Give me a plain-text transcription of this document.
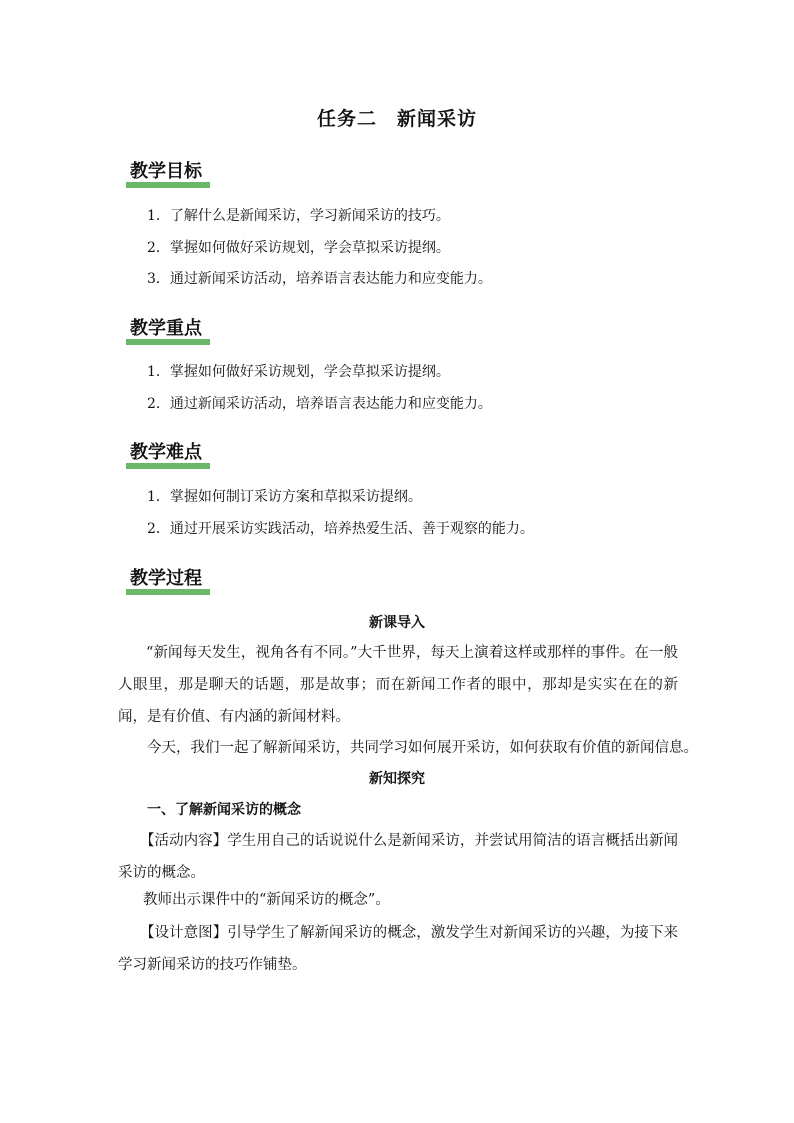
任务二　新闻采访
教学目标
1．了解什么是新闻采访，学习新闻采访的技巧。
2．掌握如何做好采访规划，学会草拟采访提纲。
3．通过新闻采访活动，培养语言表达能力和应变能力。
教学重点
1．掌握如何做好采访规划，学会草拟采访提纲。
2．通过新闻采访活动，培养语言表达能力和应变能力。
教学难点
1．掌握如何制订采访方案和草拟采访提纲。
2．通过开展采访实践活动，培养热爱生活、善于观察的能力。
教学过程
新课导入
“新闻每天发生，视角各有不同。”大千世界，每天上演着这样或那样的事件。在一般人眼里，那是聊天的话题，那是故事；而在新闻工作者的眼中，那却是实实在在的新闻，是有价值、有内涵的新闻材料。
今天，我们一起了解新闻采访，共同学习如何展开采访，如何获取有价值的新闻信息。
新知探究
一、了解新闻采访的概念
【活动内容】学生用自己的话说说什么是新闻采访，并尝试用简洁的语言概括出新闻采访的概念。
教师出示课件中的“新闻采访的概念”。
【设计意图】引导学生了解新闻采访的概念，激发学生对新闻采访的兴趣，为接下来学习新闻采访的技巧作铺垫。
